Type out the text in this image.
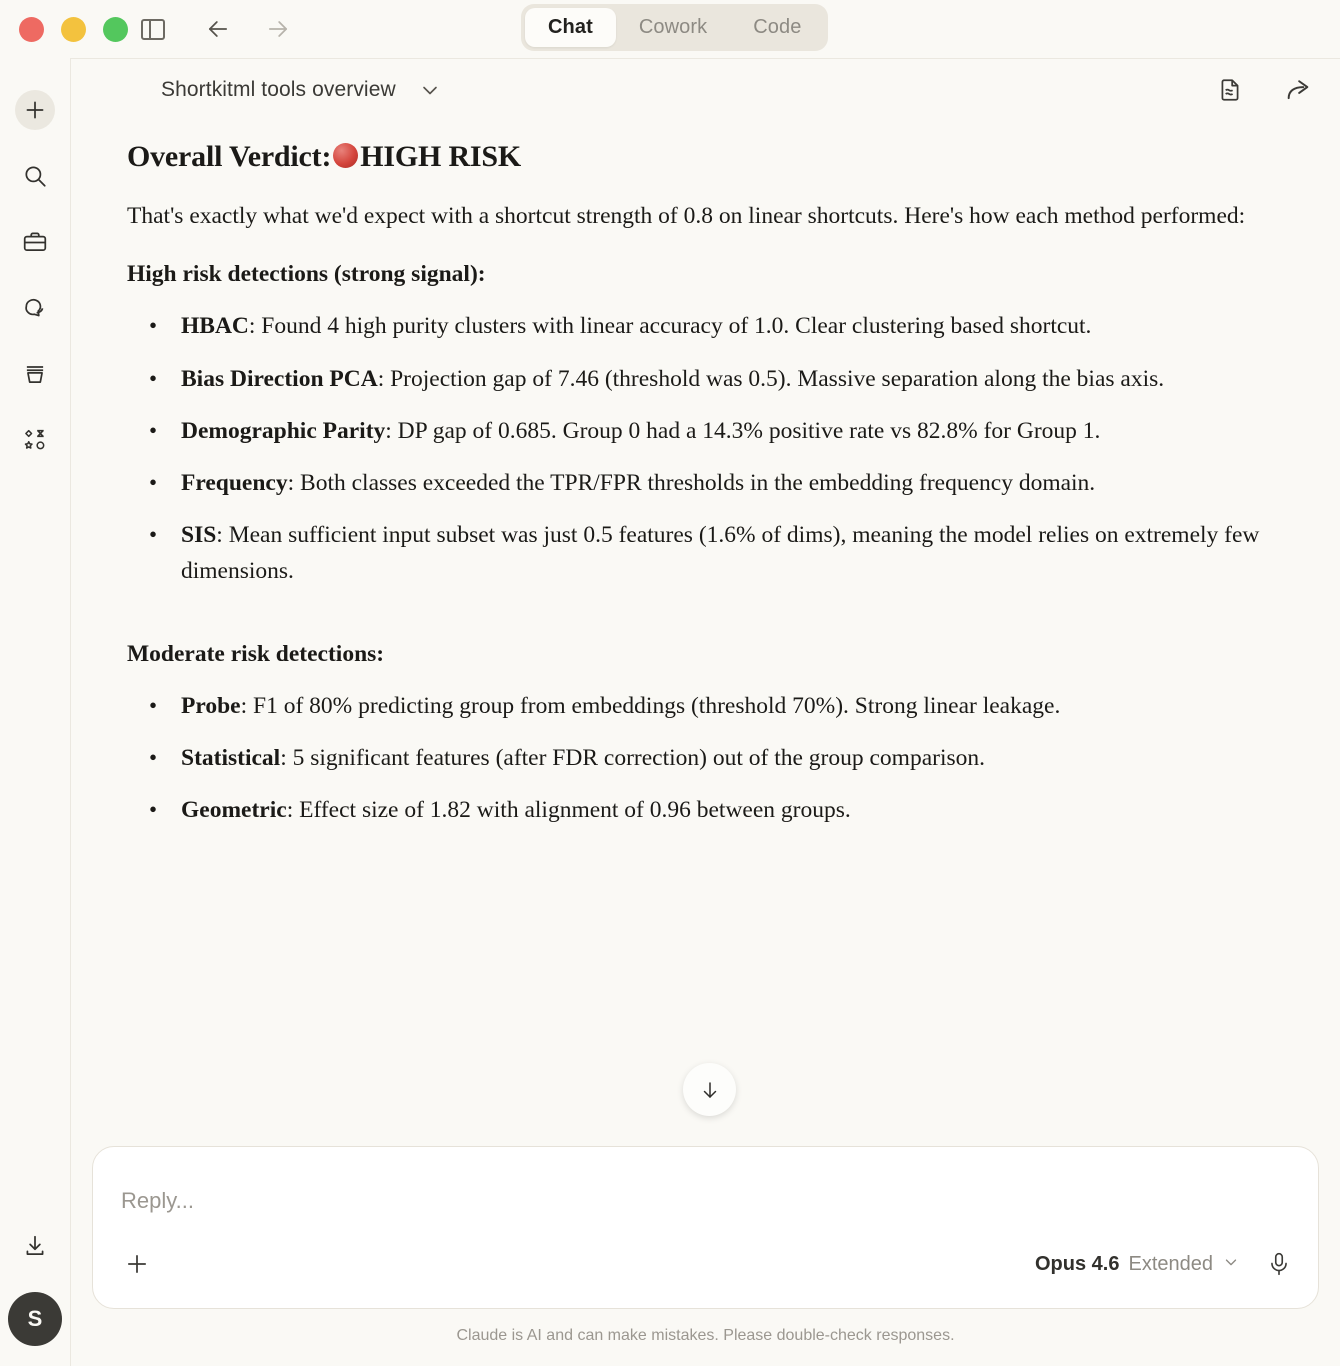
Chat	Cowork	Code
S
Shortkitml tools overview
Overall Verdict: HIGH RISK

That's exactly what we'd expect with a shortcut strength of 0.8 on linear shortcuts. Here's how each method performed:

High risk detections (strong signal):

• HBAC: Found 4 high purity clusters with linear accuracy of 1.0. Clear clustering based shortcut.
• Bias Direction PCA: Projection gap of 7.46 (threshold was 0.5). Massive separation along the bias axis.
• Demographic Parity: DP gap of 0.685. Group 0 had a 14.3% positive rate vs 82.8% for Group 1.
• Frequency: Both classes exceeded the TPR/FPR thresholds in the embedding frequency domain.
• SIS: Mean sufficient input subset was just 0.5 features (1.6% of dims), meaning the model relies on extremely few dimensions.

Moderate risk detections:

• Probe: F1 of 80% predicting group from embeddings (threshold 70%). Strong linear leakage.
• Statistical: 5 significant features (after FDR correction) out of the group comparison.
• Geometric: Effect size of 1.82 with alignment of 0.96 between groups.
Reply...
Opus 4.6 Extended
Claude is AI and can make mistakes. Please double-check responses.
